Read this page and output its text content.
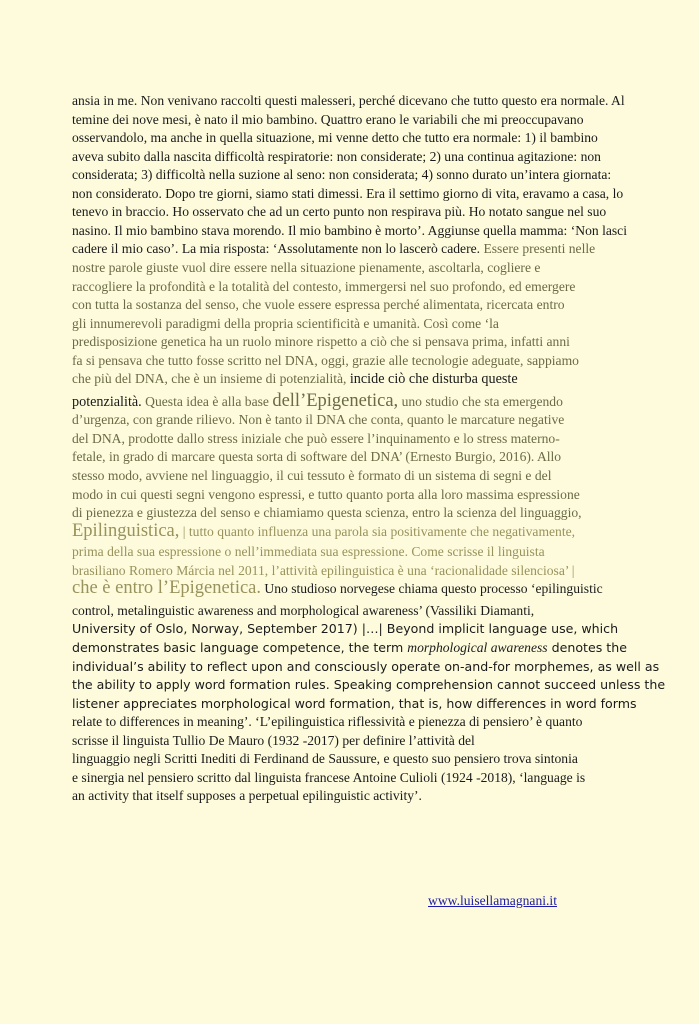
ansia in me. Non venivano raccolti questi malesseri, perché dicevano che tutto questo era normale. Al
temine dei nove mesi, è nato il mio bambino. Quattro erano le variabili che mi preoccupavano
osservandolo, ma anche in quella situazione, mi venne detto che tutto era normale: 1) il bambino
aveva subito dalla nascita difficoltà respiratorie: non considerate; 2) una continua agitazione: non
considerata; 3) difficoltà nella suzione al seno: non considerata; 4) sonno durato un’intera giornata:
non considerato. Dopo tre giorni, siamo stati dimessi. Era il settimo giorno di vita, eravamo a casa, lo
tenevo in braccio. Ho osservato che ad un certo punto non respirava più. Ho notato sangue nel suo
nasino. Il mio bambino stava morendo. Il mio bambino è morto’. Aggiunse quella mamma: ‘Non lasci
cadere il mio caso’. La mia risposta: ‘Assolutamente non lo lascerò cadere. Essere presenti nelle
nostre parole giuste vuol dire essere nella situazione pienamente, ascoltarla, cogliere e
raccogliere la profondità e la totalità del contesto, immergersi nel suo profondo, ed emergere
con tutta la sostanza del senso, che vuole essere espressa perché alimentata, ricercata entro
gli innumerevoli paradigmi della propria scientificità e umanità. Così come ‘la
predisposizione genetica ha un ruolo minore rispetto a ciò che si pensava prima, infatti anni
fa si pensava che tutto fosse scritto nel DNA, oggi, grazie alle tecnologie adeguate, sappiamo
che più del DNA, che è un insieme di potenzialità, incide ciò che disturba queste
potenzialità. Questa idea è alla base dell’Epigenetica, uno studio che sta emergendo
d’urgenza, con grande rilievo. Non è tanto il DNA che conta, quanto le marcature negative
del DNA, prodotte dallo stress iniziale che può essere l’inquinamento e lo stress materno-
fetale, in grado di marcare questa sorta di software del DNA’ (Ernesto Burgio, 2016). Allo
stesso modo, avviene nel linguaggio, il cui tessuto è formato di un sistema di segni e del
modo in cui questi segni vengono espressi, e tutto quanto porta alla loro massima espressione
di pienezza e giustezza del senso e chiamiamo questa scienza, entro la scienza del linguaggio,
Epilinguistica, | tutto quanto influenza una parola sia positivamente che negativamente,
prima della sua espressione o nell’immediata sua espressione. Come scrisse il linguista
brasiliano Romero Márcia nel 2011, l’attività epilinguistica è una ‘racionalidade silenciosa’ |
che è entro l’Epigenetica. Uno studioso norvegese chiama questo processo ‘epilinguistic
control, metalinguistic awareness and morphological awareness’ (Vassiliki Diamanti,
University of Oslo, Norway, September 2017) |…| Beyond implicit language use, which
demonstrates basic language competence, the term morphological awareness denotes the
individual’s ability to reflect upon and consciously operate on-and-for morphemes, as well as
the ability to apply word formation rules. Speaking comprehension cannot succeed unless the
listener appreciates morphological word formation, that is, how differences in word forms
relate to differences in meaning’. ‘L’epilinguistica riflessività e pienezza di pensiero’ è quanto
scrisse il linguista Tullio De Mauro (1932 -2017) per definire l’attività del
linguaggio negli Scritti Inediti di Ferdinand de Saussure, e questo suo pensiero trova sintonia
e sinergia nel pensiero scritto dal linguista francese Antoine Culioli (1924 -2018), ‘language is
an activity that itself supposes a perpetual epilinguistic activity’.
www.luisellamagnani.it
